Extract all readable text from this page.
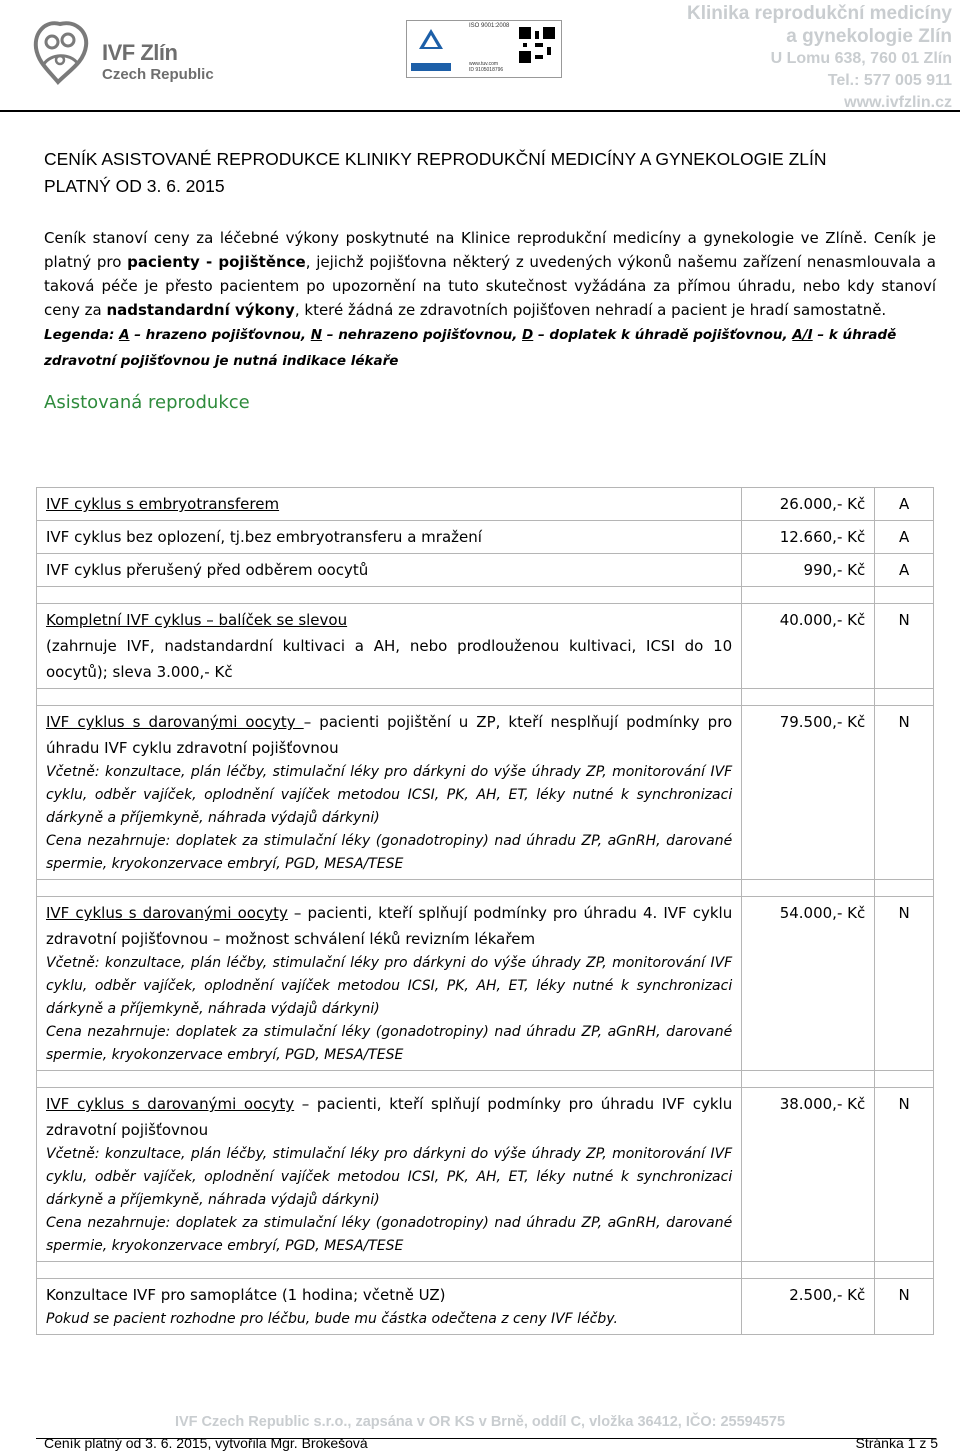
IVF Zlín
Czech Republic
ISO 9001:2008
www.tuv.com
ID 9105018796
Klinika reprodukční medicíny
a gynekologie Zlín
U Lomu 638, 760 01 Zlín
Tel.: 577 005 911
www.ivfzlin.cz
CENÍK ASISTOVANÉ REPRODUKCE KLINIKY REPRODUKČNÍ MEDICÍNY A GYNEKOLOGIE ZLÍN
PLATNÝ OD 3. 6. 2015
Ceník stanoví ceny za léčebné výkony poskytnuté na Klinice reprodukční medicíny a gynekologie ve Zlíně. Ceník je platný pro pacienty - pojištěnce, jejichž pojišťovna některý z uvedených výkonů našemu zařízení nenasmlouvala a taková péče je přesto pacientem po upozornění na tuto skutečnost vyžádána za přímou úhradu, nebo kdy stanoví ceny za nadstandardní výkony, které žádná ze zdravotních pojišťoven nehradí a pacient je hradí samostatně.
Legenda: A – hrazeno pojišťovnou, N – nehrazeno pojišťovnou, D – doplatek k úhradě pojišťovnou, A/I – k úhradě zdravotní pojišťovnou je nutná indikace lékaře
Asistovaná reprodukce
IVF cyklus s embryotransferem	26.000,- Kč	A
IVF cyklus bez oplození, tj.bez embryotransferu a mražení	12.660,- Kč	A
IVF cyklus přerušený před odběrem oocytů	990,- Kč	A

Kompletní IVF cyklus – balíček se slevou
(zahrnuje IVF, nadstandardní kultivaci a AH, nebo prodlouženou kultivaci, ICSI do 10 oocytů); sleva 3.000,- Kč	40.000,- Kč	N

IVF cyklus s darovanými oocyty – pacienti pojištění u ZP, kteří nesplňují podmínky pro úhradu IVF cyklu zdravotní pojišťovnou
Včetně: konzultace, plán léčby, stimulační léky pro dárkyni do výše úhrady ZP, monitorování IVF cyklu, odběr vajíček, oplodnění vajíček metodou ICSI, PK, AH, ET, léky nutné k synchronizaci dárkyně a příjemkyně, náhrada výdajů dárkyni)
Cena nezahrnuje: doplatek za stimulační léky (gonadotropiny) nad úhradu ZP, aGnRH, darované spermie, kryokonzervace embryí, PGD, MESA/TESE	79.500,- Kč	N

IVF cyklus s darovanými oocyty – pacienti, kteří splňují podmínky pro úhradu 4. IVF cyklu zdravotní pojišťovnou – možnost schválení léků revizním lékařem
Včetně: konzultace, plán léčby, stimulační léky pro dárkyni do výše úhrady ZP, monitorování IVF cyklu, odběr vajíček, oplodnění vajíček metodou ICSI, PK, AH, ET, léky nutné k synchronizaci dárkyně a příjemkyně, náhrada výdajů dárkyni)
Cena nezahrnuje: doplatek za stimulační léky (gonadotropiny) nad úhradu ZP, aGnRH, darované spermie, kryokonzervace embryí, PGD, MESA/TESE	54.000,- Kč	N

IVF cyklus s darovanými oocyty – pacienti, kteří splňují podmínky pro úhradu IVF cyklu zdravotní pojišťovnou
Včetně: konzultace, plán léčby, stimulační léky pro dárkyni do výše úhrady ZP, monitorování IVF cyklu, odběr vajíček, oplodnění vajíček metodou ICSI, PK, AH, ET, léky nutné k synchronizaci dárkyně a příjemkyně, náhrada výdajů dárkyni)
Cena nezahrnuje: doplatek za stimulační léky (gonadotropiny) nad úhradu ZP, aGnRH, darované spermie, kryokonzervace embryí, PGD, MESA/TESE	38.000,- Kč	N

Konzultace IVF pro samoplátce (1 hodina; včetně UZ)
Pokud se pacient rozhodne pro léčbu, bude mu částka odečtena z ceny IVF léčby.	2.500,- Kč	N
IVF Czech Republic s.r.o., zapsána v OR KS v Brně, oddíl C, vložka 36412, IČO: 25594575
Ceník platný od 3. 6. 2015, vytvořila Mgr. Brokešová	Stránka 1 z 5
